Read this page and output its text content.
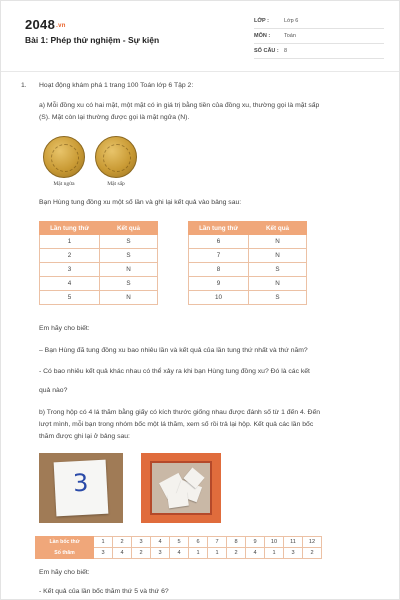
2048.vn
Bài 1: Phép thử nghiệm - Sự kiện
LỚP :	Lớp 6
MÔN :	Toán
SỐ CÂU : 8
1. Hoạt động khám phá 1 trang 100 Toán lớp 6 Tập 2:
a) Mỗi đồng xu có hai mặt, một mặt có in giá trị bằng tiền của đồng xu, thường gọi là mặt sấp
(S). Mặt còn lại thường được gọi là mặt ngửa (N).
Mặt ngửa	Mặt sấp
Bạn Hùng tung đồng xu một số lần và ghi lại kết quả vào bảng sau:
Lần tung thứ	Kết quả
1	S
2	S
3	N
4	S
5	N
Lần tung thứ	Kết quả
6	N
7	N
8	S
9	N
10	S
Em hãy cho biết:
– Bạn Hùng đã tung đồng xu bao nhiêu lần và kết quả của lần tung thứ nhất và thứ năm?
- Có bao nhiêu kết quả khác nhau có thể xảy ra khi bạn Hùng tung đồng xu? Đó là các kết
quả nào?
b) Trong hộp có 4 lá thăm bằng giấy có kích thước giống nhau được đánh số từ 1 đến 4. Đến
lượt mình, mỗi bạn trong nhóm bốc một lá thăm, xem số rồi trả lại hộp. Kết quả các lần bốc
thăm được ghi lại ở bảng sau:
3
Lần bốc thứ	1	2	3	4	5	6	7	8	9	10	11	12
Số thăm	3	4	2	3	4	1	1	2	4	1	3	2
Em hãy cho biết:
- Kết quả của lần bốc thăm thứ 5 và thứ 6?
